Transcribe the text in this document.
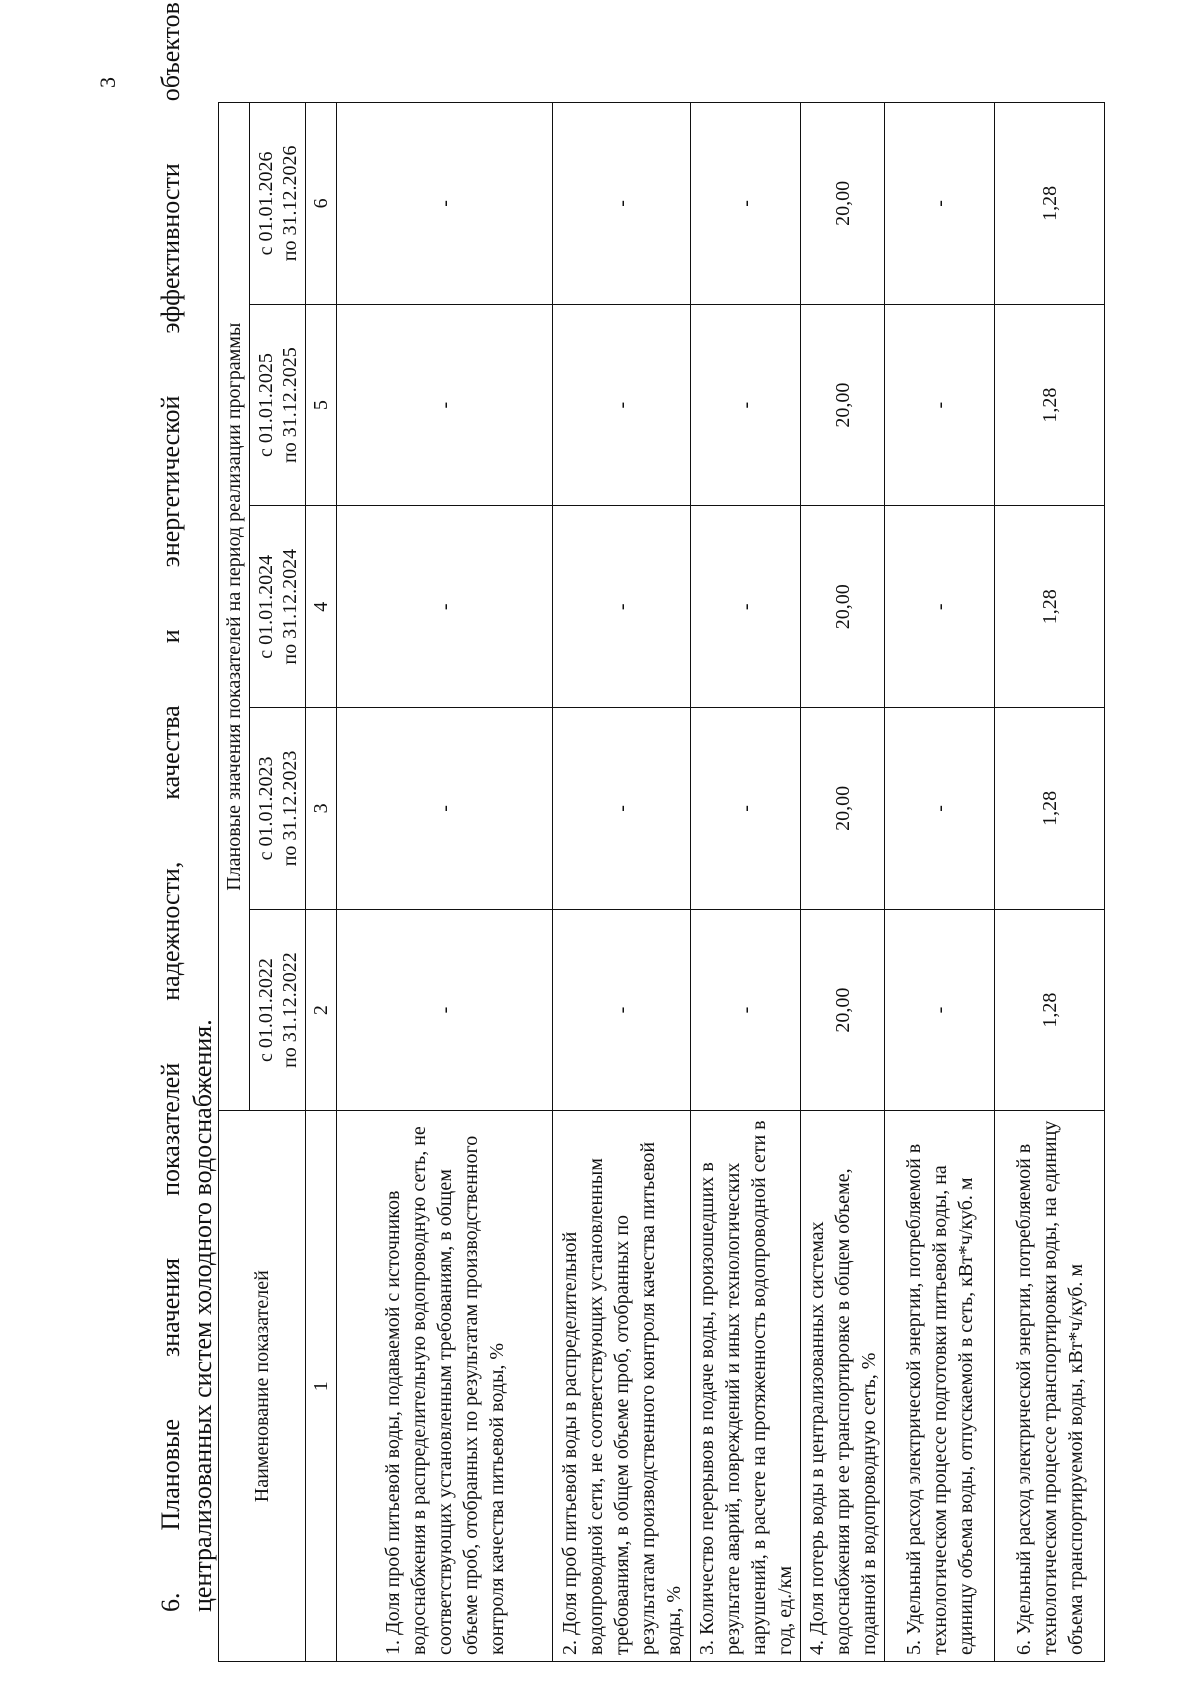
3
6.
Плановые
значения
показателей
надежности,
качества
и
энергетической
эффективности
объектов
централизованных систем холодного водоснабжения. Наименование показателей	Плановые значения показателей на период реализации программы				
	с 01.01.2022 по 31.12.2022	с 01.01.2023 по 31.12.2023	с 01.01.2024 по 31.12.2024	с 01.01.2025 по 31.12.2025	с 01.01.2026 по 31.12.2026
1	2	3	4	5	6
1. Доля проб питьевой воды, подаваемой с источников водоснабжения в распределительную водопроводную сеть, не соответствующих установленным требованиям, в общем объеме проб, отобранных по результатам производственного контроля качества питьевой воды, %	-	-	-	-	-
2. Доля проб питьевой воды в распределительной водопроводной сети, не соответствующих установленным требованиям, в общем объеме проб, отобранных по результатам производственного контроля качества питьевой воды, %	-	-	-	-	-
3. Количество перерывов в подаче воды, произошедших в результате аварий, повреждений и иных технологических нарушений, в расчете на протяженность водопроводной сети в год, ед./км	-	-	-	-	-
4. Доля потерь воды в централизованных системах водоснабжения при ее транспортировке в общем объеме, поданной в водопроводную сеть, %	20,00	20,00	20,00	20,00	20,00
5. Удельный расход электрической энергии, потребляемой в технологическом процессе подготовки питьевой воды, на единицу объема воды, отпускаемой в сеть, кВт*ч/куб. м	-	-	-	-	-
6. Удельный расход электрической энергии, потребляемой в технологическом процессе транспортировки воды, на единицу объема транспортируемой воды, кВт*ч/куб. м	1,28	1,28	1,28	1,28	1,28
